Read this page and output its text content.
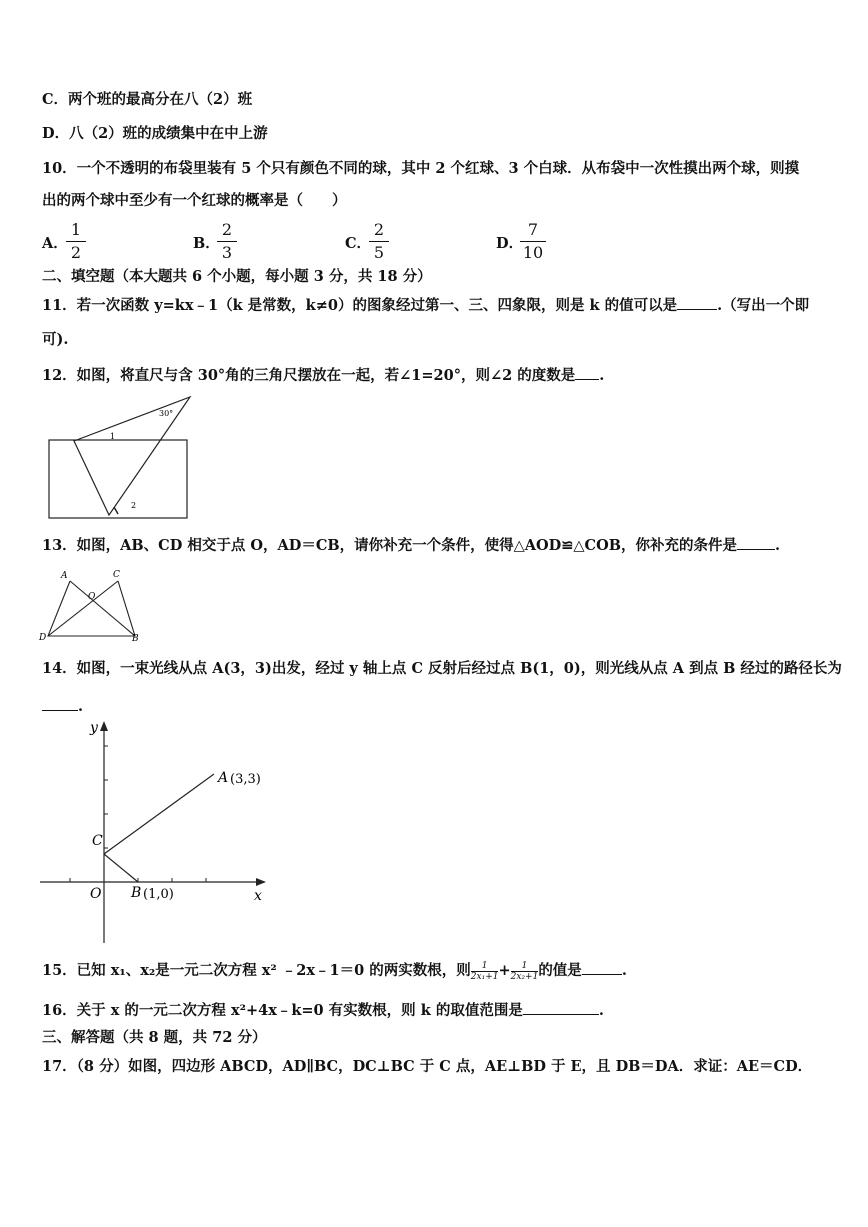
C．两个班的最高分在八（2）班
D．八（2）班的成绩集中在中上游
10．一个不透明的布袋里装有 5 个只有颜色不同的球，其中 2 个红球、3 个白球．从布袋中一次性摸出两个球，则摸
出的两个球中至少有一个红球的概率是（　　）
A．
1
2	B．
2
3	C．
2
5	D．
7
10
二、填空题（本大题共 6 个小题，每小题 3 分，共 18 分）
11．若一次函数 y=kx﹣1（k 是常数，k≠0）的图象经过第一、三、四象限，则是 k 的值可以是	.（写出一个即
可).
12．如图，将直尺与含 30°角的三角尺摆放在一起，若∠1=20°，则∠2 的度数是 .
30°
1
2
13．如图，AB、CD 相交于点 O，AD＝CB，请你补充一个条件，使得△AOD≌△COB，你补充的条件是	.
A	C
O
D	B
14．如图，一束光线从点 A(3，3)出发，经过 y 轴上点 C 反射后经过点 B(1，0)，则光线从点 A 到点 B 经过的路径长为
.
y
x
A (3,3)
C
O B (1,0)
15．已知 x₁、x₂是一元二次方程 x² ﹣2x﹣1＝0 的两实数根，则$\frac{1}{\text{2x₁+1}}+\frac{1}{\text{2x₂+1}}$的值是	.
16．关于 x 的一元二次方程 x²+4x﹣k=0 有实数根，则 k 的取值范围是	.
三、解答题（共 8 题，共 72 分）
17．（8 分）如图，四边形 ABCD，AD∥BC，DC⊥BC 于 C 点，AE⊥BD 于 E，且 DB＝DA．求证：AE＝CD．
